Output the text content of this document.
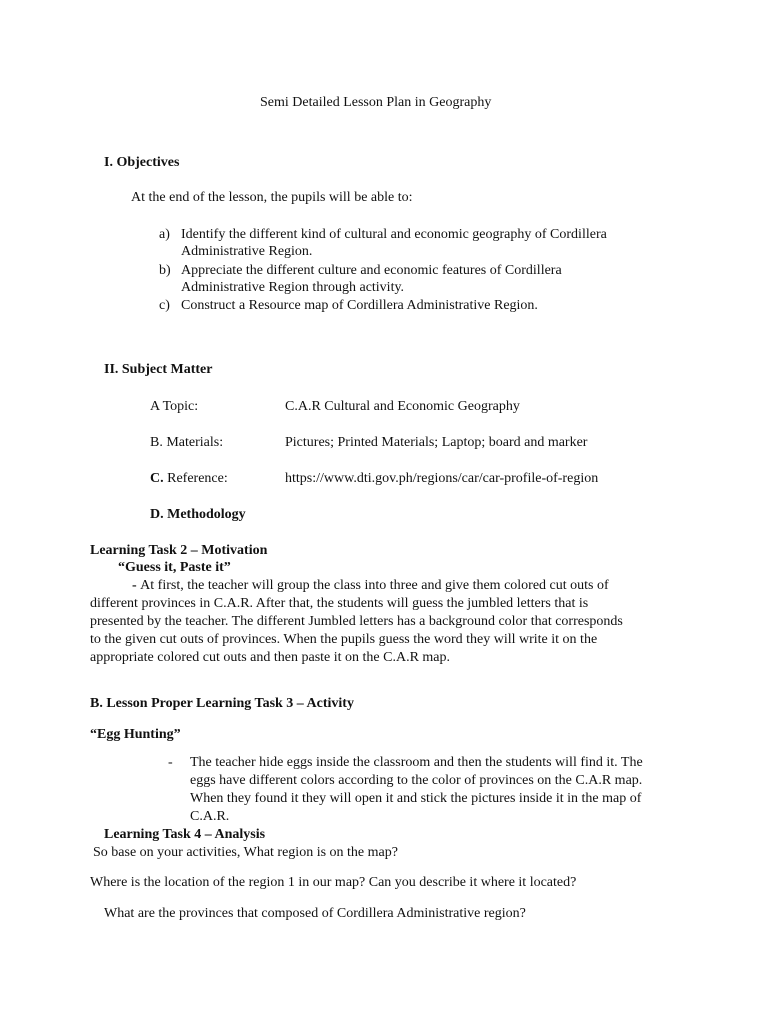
Semi Detailed Lesson Plan in Geography
I. Objectives
At the end of the lesson, the pupils will be able to:
a) Identify the different kind of cultural and economic geography of Cordillera
Administrative Region.
b) Appreciate the different culture and economic features of Cordillera
Administrative Region through activity.
c) Construct a Resource map of Cordillera Administrative Region.
II. Subject Matter
A Topic:	C.A.R Cultural and Economic Geography
B. Materials:	Pictures; Printed Materials; Laptop; board and marker
C. Reference:	https://www.dti.gov.ph/regions/car/car-profile-of-region
D. Methodology
Learning Task 2 – Motivation
“Guess it, Paste it”
- At first, the teacher will group the class into three and give them colored cut outs of
different provinces in C.A.R. After that, the students will guess the jumbled letters that is
presented by the teacher. The different Jumbled letters has a background color that corresponds
to the given cut outs of provinces. When the pupils guess the word they will write it on the
appropriate colored cut outs and then paste it on the C.A.R map.
B. Lesson Proper Learning Task 3 – Activity
“Egg Hunting”
- The teacher hide eggs inside the classroom and then the students will find it. The
eggs have different colors according to the color of provinces on the C.A.R map.
When they found it they will open it and stick the pictures inside it in the map of
C.A.R.
Learning Task 4 – Analysis
So base on your activities, What region is on the map?
Where is the location of the region 1 in our map? Can you describe it where it located?
What are the provinces that composed of Cordillera Administrative region?
